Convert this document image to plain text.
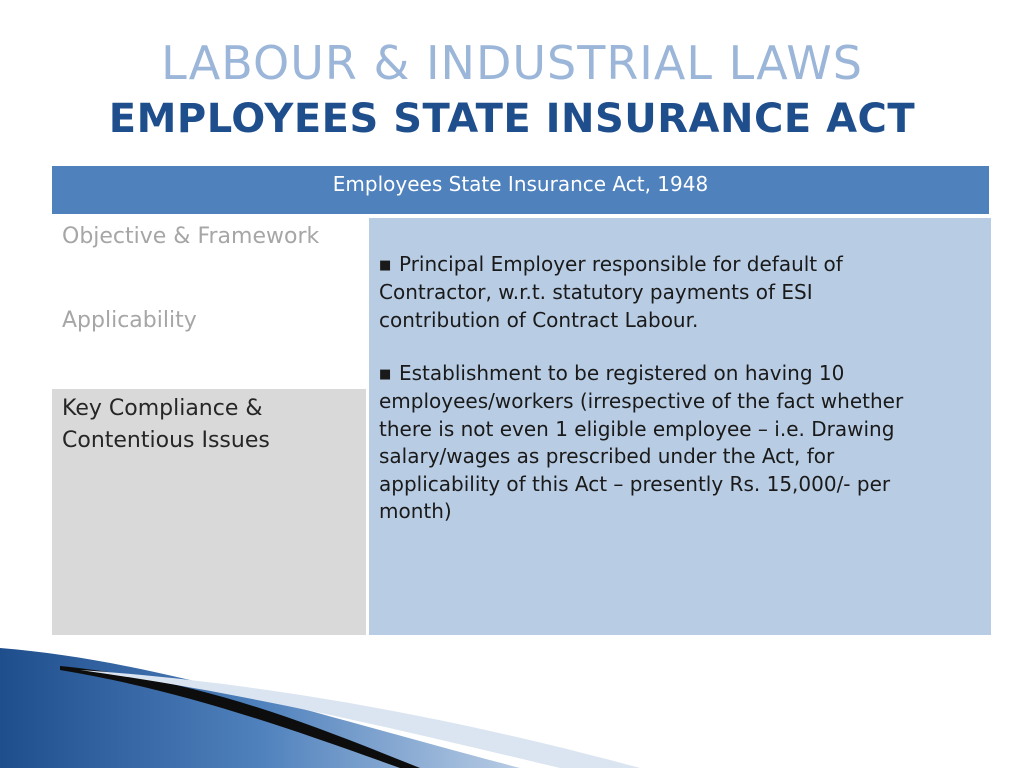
LABOUR & INDUSTRIAL LAWS
EMPLOYEES STATE INSURANCE ACT
Employees State Insurance Act, 1948
Objective & Framework
Applicability
Key Compliance &
Contentious Issues
■ Principal Employer responsible for default of
Contractor, w.r.t. statutory payments of ESI
contribution of Contract Labour.
■ Establishment to be registered on having 10
employees/workers (irrespective of the fact whether
there is not even 1 eligible employee – i.e. Drawing
salary/wages as prescribed under the Act, for
applicability of this Act – presently Rs. 15,000/- per
month)
